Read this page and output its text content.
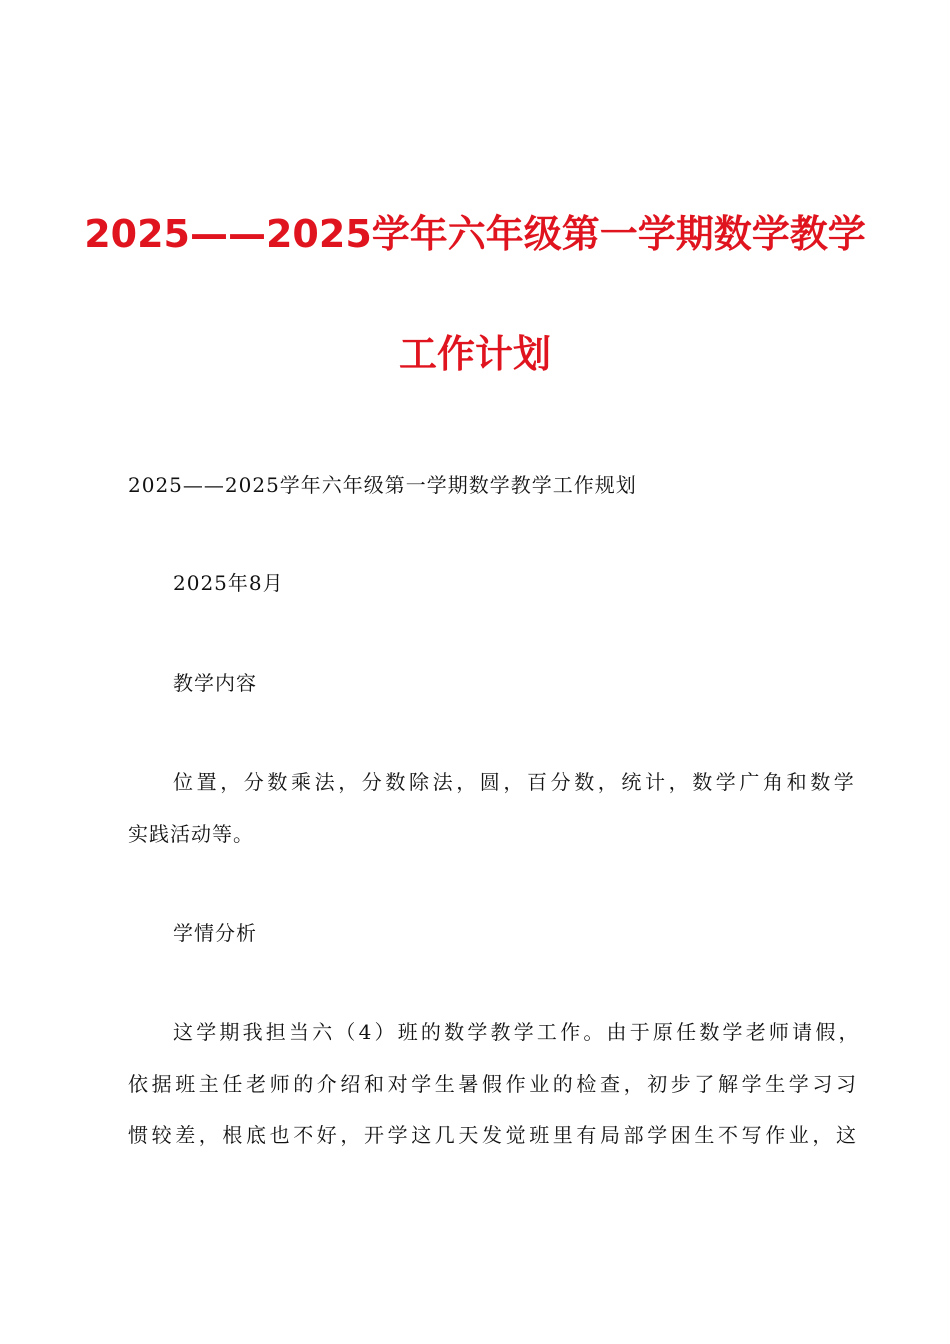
2025——2025学年六年级第一学期数学教学
工作计划
2025——2025学年六年级第一学期数学教学工作规划
2025年8月
教学内容
位置，分数乘法，分数除法，圆，百分数，统计，数学广角和数学
实践活动等。
学情分析
这学期我担当六（4）班的数学教学工作。由于原任数学老师请假，
依据班主任老师的介绍和对学生暑假作业的检查，初步了解学生学习习
惯较差，根底也不好，开学这几天发觉班里有局部学困生不写作业，这
